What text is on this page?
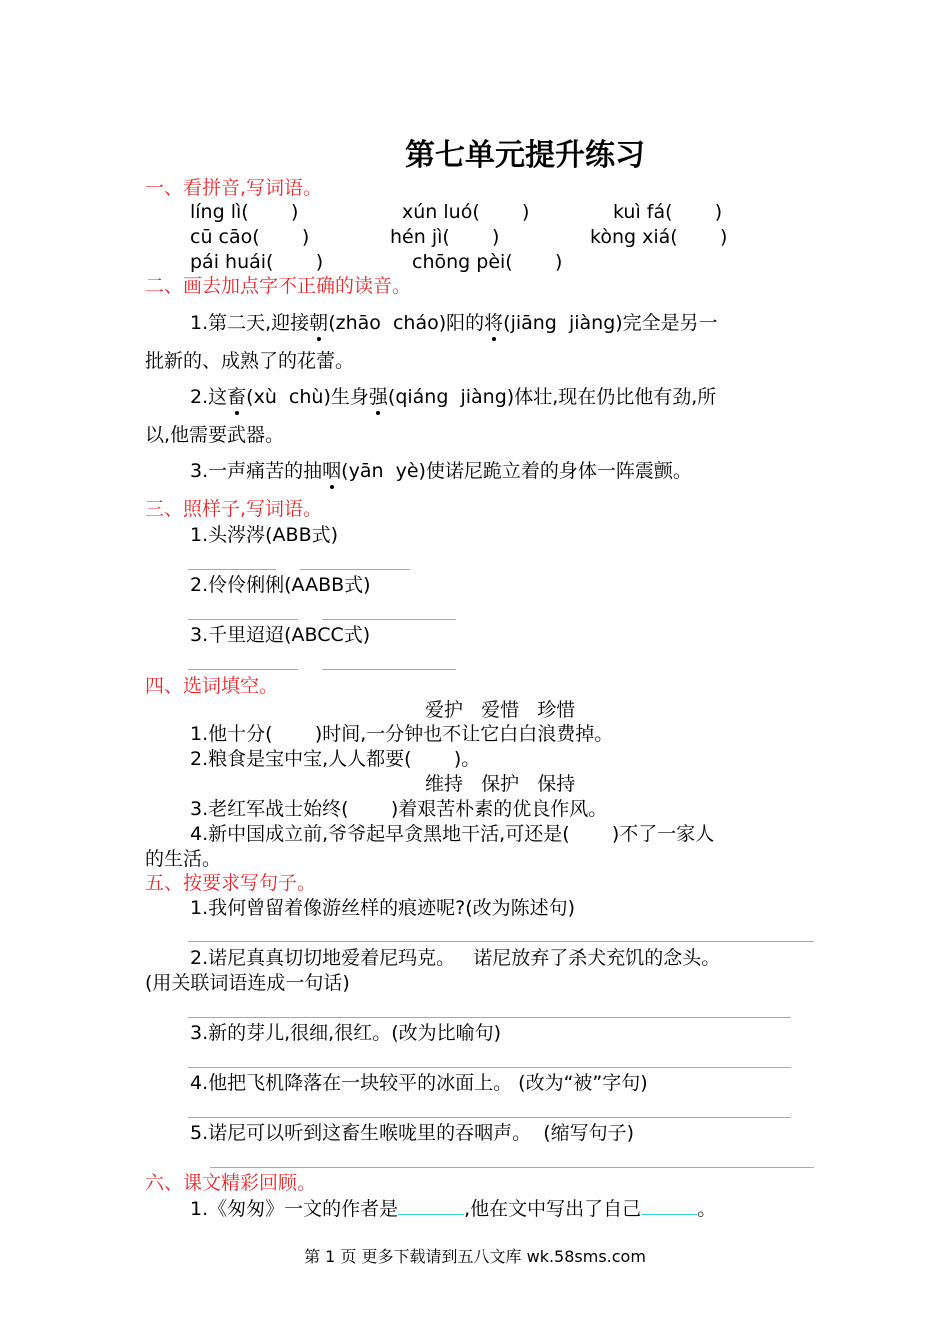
第七单元提升练习
一、看拼音,写词语。
líng lì(       )	xún luó(       )	kuì fá(       )
cū cāo(       )	hén jì(       )	kòng xiá(       )
pái huái(       )	chōng pèi(       )
二、画去加点字不正确的读音。
1.第二天,迎接朝(zhāo  cháo)阳的将(jiāng  jiàng)完全是另一
批新的、成熟了的花蕾。
2.这畜(xù  chù)生身强(qiáng  jiàng)体壮,现在仍比他有劲,所
以,他需要武器。
3.一声痛苦的抽咽(yān  yè)使诺尼跪立着的身体一阵震颤。
三、照样子,写词语。
1.头涔涔(ABB式)
2.伶伶俐俐(AABB式)
3.千里迢迢(ABCC式)
四、选词填空。
爱护   爱惜   珍惜
1.他十分(       )时间,一分钟也不让它白白浪费掉。
2.粮食是宝中宝,人人都要(       )。
维持   保护   保持
3.老红军战士始终(       )着艰苦朴素的优良作风。
4.新中国成立前,爷爷起早贪黑地干活,可还是(       )不了一家人
的生活。
五、按要求写句子。
1.我何曾留着像游丝样的痕迹呢?(改为陈述句)
2.诺尼真真切切地爱着尼玛克。   诺尼放弃了杀犬充饥的念头。
(用关联词语连成一句话)
3.新的芽儿,很细,很红。(改为比喻句)
4.他把飞机降落在一块较平的冰面上。 (改为“被”字句)
5.诺尼可以听到这畜生喉咙里的吞咽声。  (缩写句子)
六、课文精彩回顾。
1.《匆匆》一文的作者是	,他在文中写出了自己	。
第 1 页 更多下载请到五八文库 wk.58sms.com
